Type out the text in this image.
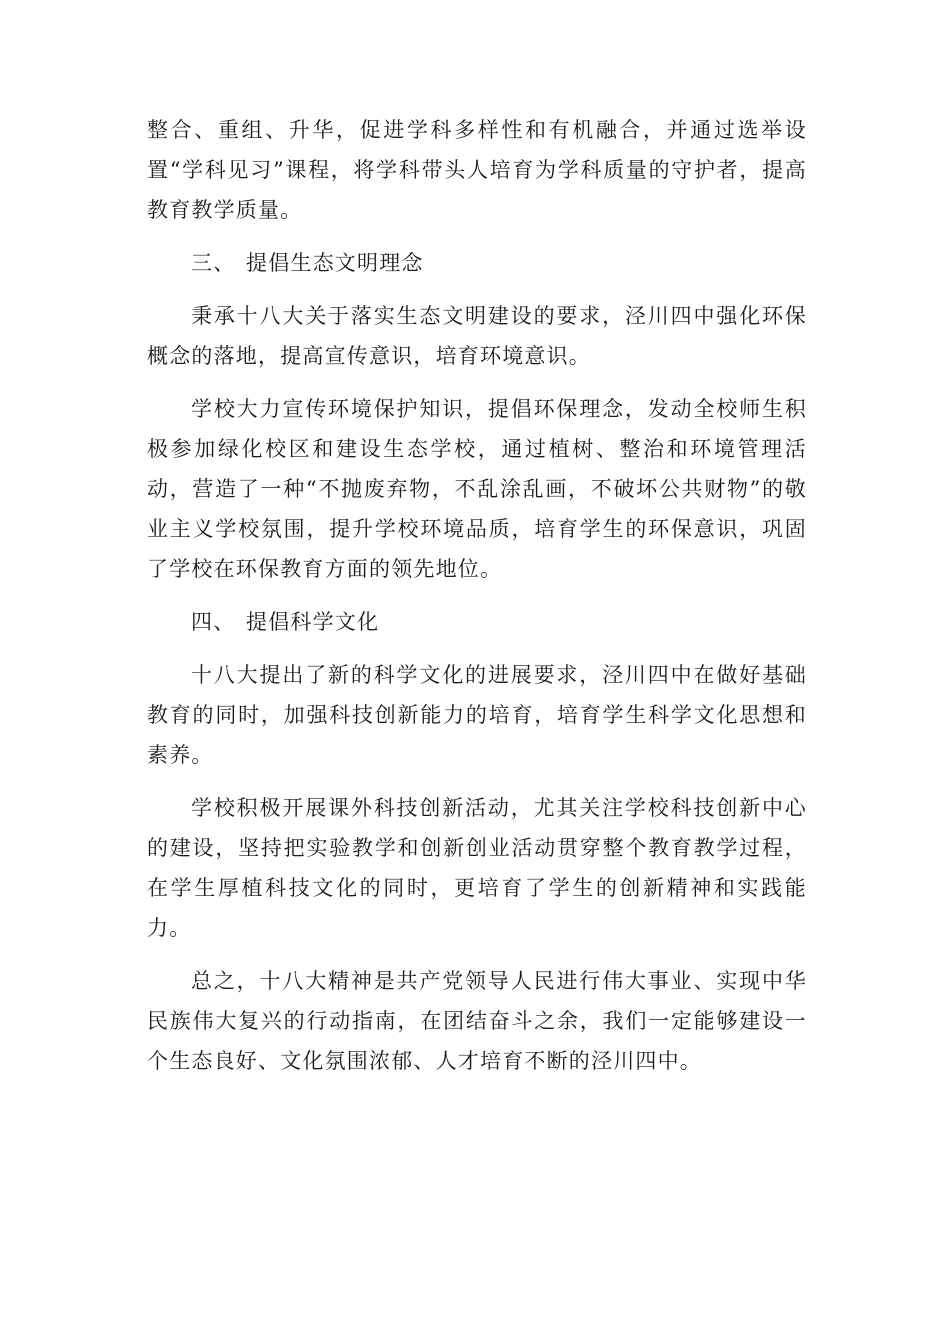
整合、重组、升华，促进学科多样性和有机融合，并通过选举设置“学科见习”课程，将学科带头人培育为学科质量的守护者，提高教育教学质量。

三、 提倡生态文明理念

秉承十八大关于落实生态文明建设的要求，泾川四中强化环保概念的落地，提高宣传意识，培育环境意识。

学校大力宣传环境保护知识，提倡环保理念，发动全校师生积极参加绿化校区和建设生态学校，通过植树、整治和环境管理活动，营造了一种“不抛废弃物，不乱涂乱画，不破坏公共财物”的敬业主义学校氛围，提升学校环境品质，培育学生的环保意识，巩固了学校在环保教育方面的领先地位。

四、 提倡科学文化

十八大提出了新的科学文化的进展要求，泾川四中在做好基础教育的同时，加强科技创新能力的培育，培育学生科学文化思想和素养。

学校积极开展课外科技创新活动，尤其关注学校科技创新中心的建设，坚持把实验教学和创新创业活动贯穿整个教育教学过程，在学生厚植科技文化的同时，更培育了学生的创新精神和实践能力。

总之，十八大精神是共产党领导人民进行伟大事业、实现中华民族伟大复兴的行动指南，在团结奋斗之余，我们一定能够建设一个生态良好、文化氛围浓郁、人才培育不断的泾川四中。
